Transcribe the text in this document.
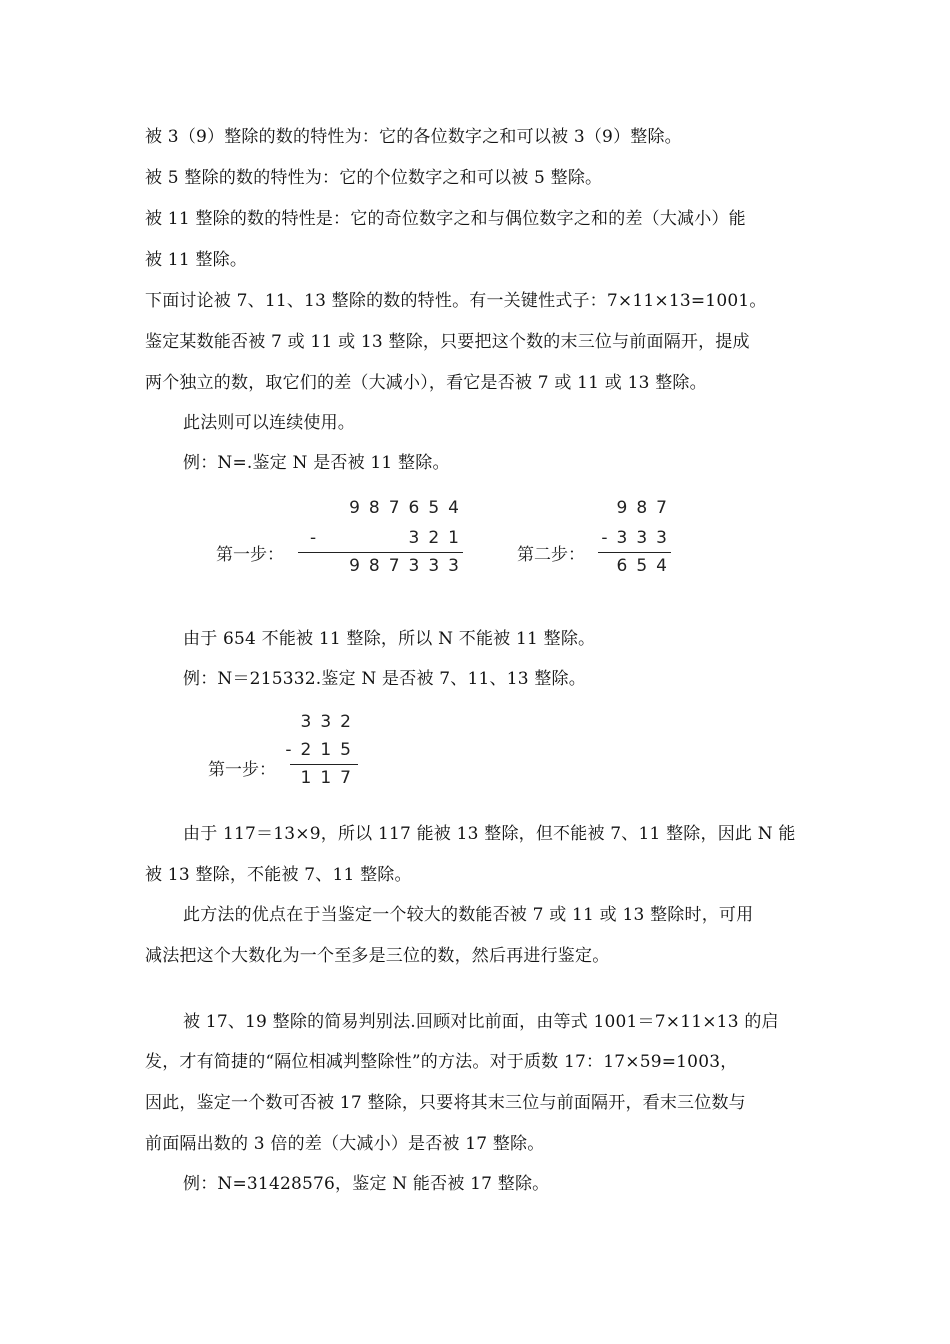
被 3（9）整除的数的特性为：它的各位数字之和可以被 3（9）整除。
被 5 整除的数的特性为：它的个位数字之和可以被 5 整除。
被 11 整除的数的特性是：它的奇位数字之和与偶位数字之和的差（大减小）能
被 11 整除。
下面讨论被 7、11、13 整除的数的特性。有一关键性式子：7×11×13=1001。
鉴定某数能否被 7 或 11 或 13 整除，只要把这个数的末三位与前面隔开，提成
两个独立的数，取它们的差（大减小），看它是否被 7 或 11 或 13 整除。
此法则可以连续使用。
例：N=.鉴定 N 是否被 11 整除。
第一步：
987654
-	321
987333
第二步：
987
-333
654
由于 654 不能被 11 整除，所以 N 不能被 11 整除。
例：N＝215332.鉴定 N 是否被 7、11、13 整除。
第一步：
332
-215
117
由于 117＝13×9，所以 117 能被 13 整除，但不能被 7、11 整除，因此 N 能
被 13 整除，不能被 7、11 整除。
此方法的优点在于当鉴定一个较大的数能否被 7 或 11 或 13 整除时，可用
减法把这个大数化为一个至多是三位的数，然后再进行鉴定。
被 17、19 整除的简易判别法.回顾对比前面，由等式 1001＝7×11×13 的启
发，才有简捷的“隔位相减判整除性”的方法。对于质数 17：17×59=1003，
因此，鉴定一个数可否被 17 整除，只要将其末三位与前面隔开，看末三位数与
前面隔出数的 3 倍的差（大减小）是否被 17 整除。
例：N=31428576，鉴定 N 能否被 17 整除。
